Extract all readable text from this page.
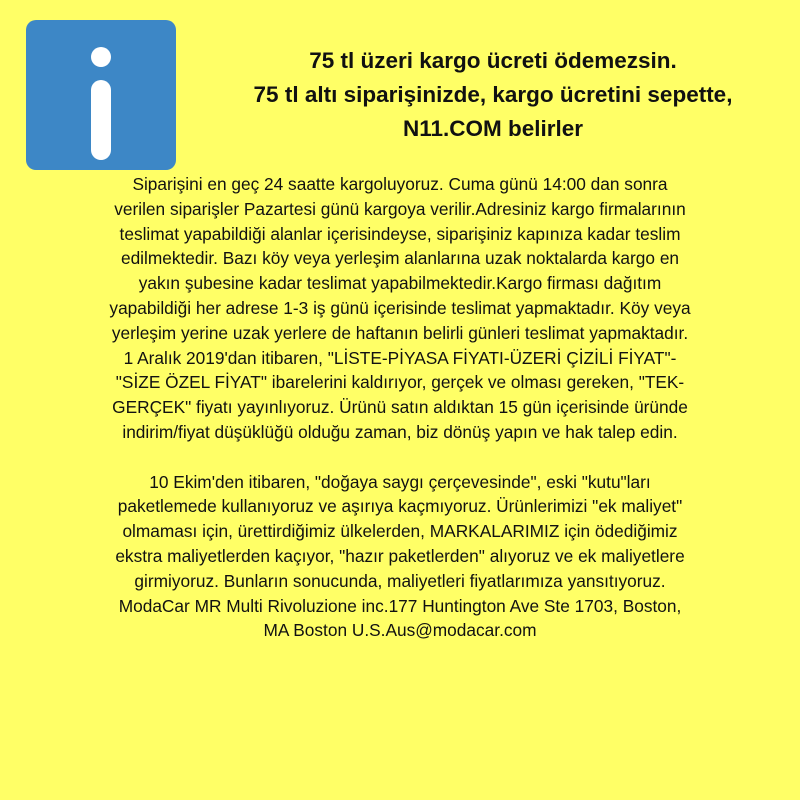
75 tl üzeri kargo ücreti ödemezsin.
75 tl altı siparişinizde, kargo ücretini sepette,
N11.COM belirler
Siparişini en geç 24 saatte kargoluyoruz. Cuma günü 14:00 dan sonra
verilen siparişler Pazartesi günü kargoya verilir.Adresiniz kargo firmalarının
teslimat yapabildiği alanlar içerisindeyse, siparişiniz kapınıza kadar teslim
edilmektedir. Bazı köy veya yerleşim alanlarına uzak noktalarda kargo en
yakın şubesine kadar teslimat yapabilmektedir.Kargo firması dağıtım
yapabildiği her adrese 1-3 iş günü içerisinde teslimat yapmaktadır. Köy veya
yerleşim yerine uzak yerlere de haftanın belirli günleri teslimat yapmaktadır.
1 Aralık 2019'dan itibaren, "LİSTE-PİYASA FİYATI-ÜZERİ ÇİZİLİ FİYAT"-
"SİZE ÖZEL FİYAT" ibarelerini kaldırıyor, gerçek ve olması gereken, "TEK-
GERÇEK" fiyatı yayınlıyoruz. Ürünü satın aldıktan 15 gün içerisinde üründe
indirim/fiyat düşüklüğü olduğu zaman, biz dönüş yapın ve hak talep edin.
10 Ekim'den itibaren, "doğaya saygı çerçevesinde", eski "kutu"ları
paketlemede kullanıyoruz ve aşırıya kaçmıyoruz. Ürünlerimizi "ek maliyet"
olmaması için, ürettirdiğimiz ülkelerden, MARKALARIMIZ için ödediğimiz
ekstra maliyetlerden kaçıyor, "hazır paketlerden" alıyoruz ve ek maliyetlere
girmiyoruz. Bunların sonucunda, maliyetleri fiyatlarımıza yansıtıyoruz.
ModaCar MR Multi Rivoluzione inc.177 Huntington Ave Ste 1703, Boston,
MA Boston U.S.Aus@modacar.com
